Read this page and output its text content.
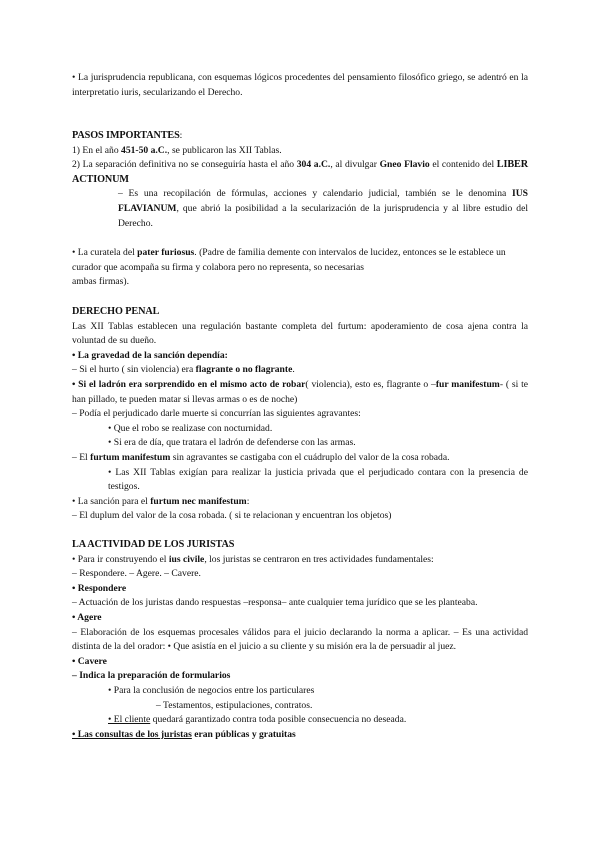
• La jurisprudencia republicana, con esquemas lógicos procedentes del pensamiento filosófico griego, se adentró en la interpretatio iuris, secularizando el Derecho.

PASOS IMPORTANTES:

1) En el año 451-50 a.C., se publicaron las XII Tablas.

2) La separación definitiva no se conseguiría hasta el año 304 a.C., al divulgar Gneo Flavio el contenido del LIBER ACTIONUM

– Es una recopilación de fórmulas, acciones y calendario judicial, también se le denomina IUS FLAVIANUM, que abrió la posibilidad a la secularización de la jurisprudencia y al libre estudio del Derecho.

• La curatela del pater furiosus. (Padre de familia demente con intervalos de lucidez, entonces se le establece un curador que acompaña su firma y colabora pero no representa, so necesarias

ambas firmas).

DERECHO PENAL

Las XII Tablas establecen una regulación bastante completa del furtum: apoderamiento de cosa ajena contra la voluntad de su dueño.

• La gravedad de la sanción dependía:

– Si el hurto ( sin violencia) era flagrante o no flagrante.

• Si el ladrón era sorprendido en el mismo acto de robar( violencia), esto es, flagrante o –fur manifestum- ( si te han pillado, te pueden matar si llevas armas o es de noche)

– Podía el perjudicado darle muerte si concurrían las siguientes agravantes:

• Que el robo se realizase con nocturnidad.

• Si era de día, que tratara el ladrón de defenderse con las armas.

– El furtum manifestum sin agravantes se castigaba con el cuádruplo del valor de la cosa robada.

• Las XII Tablas exigían para realizar la justicia privada que el perjudicado contara con la presencia de testigos.

• La sanción para el furtum nec manifestum:

– El duplum del valor de la cosa robada. ( si te relacionan y encuentran los objetos)

LA ACTIVIDAD DE LOS JURISTAS

• Para ir construyendo el ius civile, los juristas se centraron en tres actividades fundamentales:

– Respondere. – Agere. – Cavere.

• Respondere

– Actuación de los juristas dando respuestas –responsa– ante cualquier tema jurídico que se les planteaba.

• Agere

– Elaboración de los esquemas procesales válidos para el juicio declarando la norma a aplicar. – Es una actividad distinta de la del orador: • Que asistía en el juicio a su cliente y su misión era la de persuadir al juez.

• Cavere

– Indica la preparación de formularios

• Para la conclusión de negocios entre los particulares

– Testamentos, estipulaciones, contratos.

• El cliente quedará garantizado contra toda posible consecuencia no deseada.

• Las consultas de los juristas eran públicas y gratuitas
